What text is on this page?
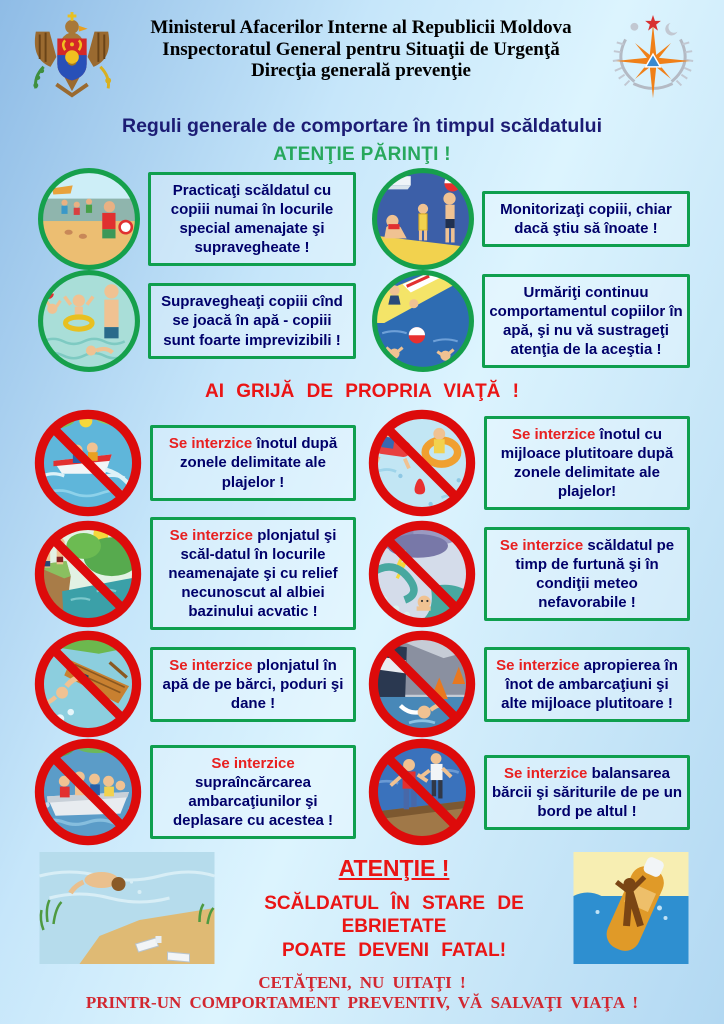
Ministerul Afacerilor Interne al Republicii Moldova
Inspectoratul General pentru Situaţii de Urgenţă
Direcţia generală prevenţie
Reguli generale de comportare în timpul scăldatului
ATENŢIE PĂRINŢI !
Practicaţi scăldatul cu copiii numai în locurile special amenajate şi supravegheate !
Monitorizaţi copiii, chiar dacă ştiu să înoate !
Supravegheaţi copiii cînd se joacă în apă - copiii sunt foarte imprevizibili !
Urmăriţi continuu comportamentul copiilor în apă, şi nu vă sustrageţi atenţia de la aceştia !
AI GRIJĂ DE PROPRIA VIAŢĂ !
Se interzice înotul după zonele delimitate ale plajelor !
Se interzice înotul cu mijloace plutitoare după zonele delimitate ale plajelor!
Se interzice plonjatul şi scăl-datul în locurile neamenajate şi cu relief necunoscut al albiei bazinului acvatic !
Se interzice scăldatul pe timp de furtună şi în condiţii meteo nefavorabile !
Se interzice plonjatul în apă de pe bărci, poduri şi dane !
Se interzice apropierea în înot de ambarcaţiuni şi alte mijloace plutitoare !
Se interzice supraîncărcarea ambarcaţiunilor şi deplasare cu acestea !
Se interzice balansarea bărcii şi săriturile de pe un bord pe altul !
ATENŢIE !
SCĂLDATUL ÎN STARE DE
EBRIETATE
POATE DEVENI FATAL!
CETĂŢENI, NU UITAŢI !
PRINTR-UN COMPORTAMENT PREVENTIV, VĂ SALVAŢI VIAŢA !
